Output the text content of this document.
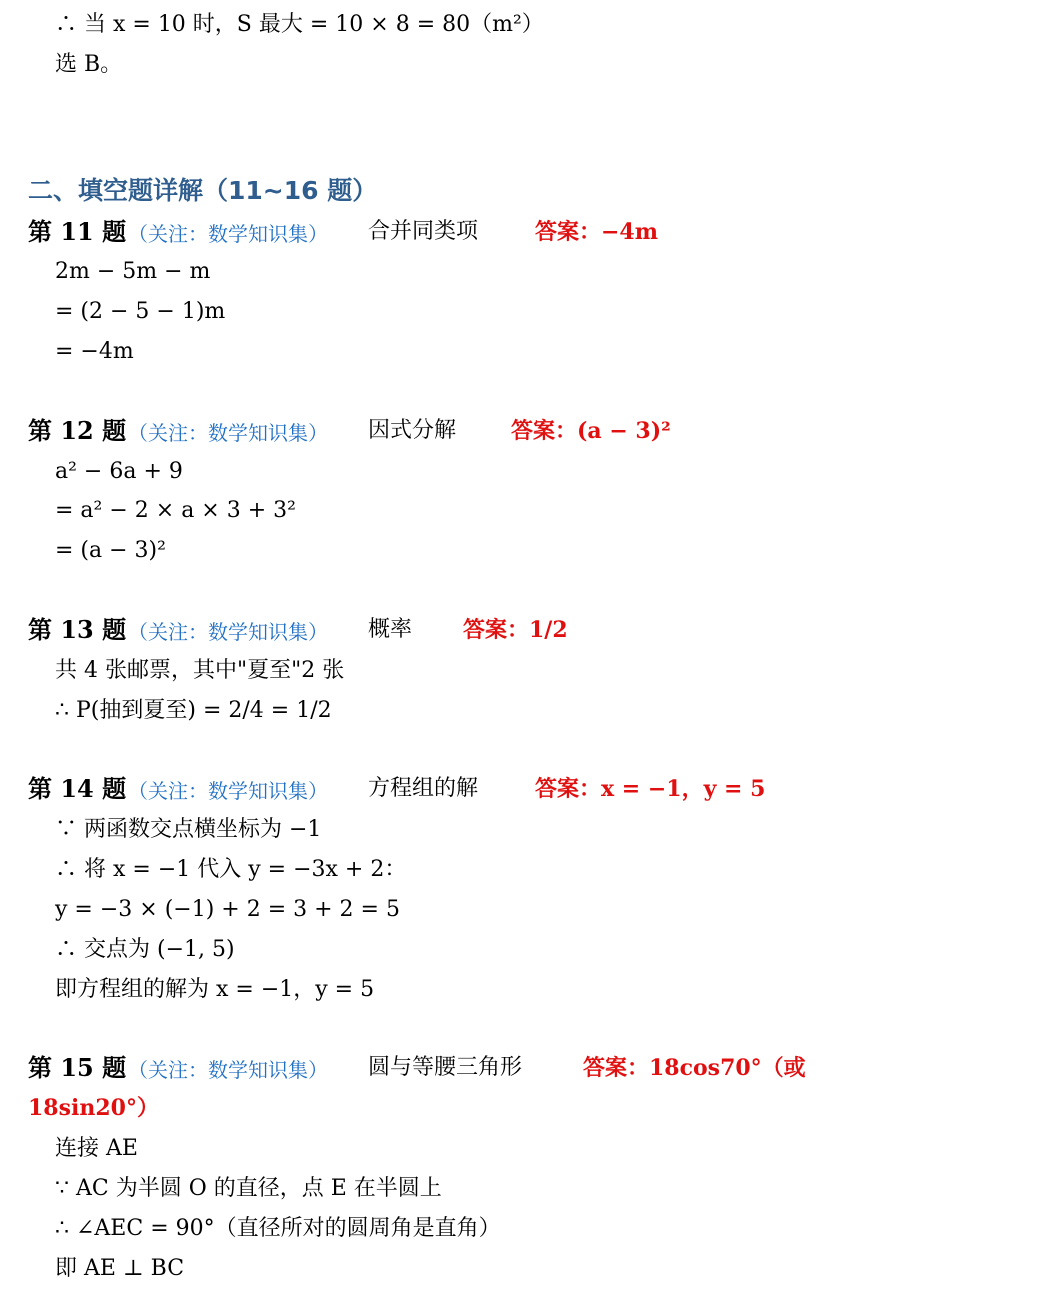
∴ 当 x = 10 时，S 最大 = 10 × 8 = 80（m²）
选 B。
二、填空题详解（11~16 题）
第 11 题 （关注：数学知识集） 合并同类项	答案：−4m
2m − 5m − m
= (2 − 5 − 1)m
= −4m
第 12 题 （关注：数学知识集） 因式分解 答案：(a − 3)²
a² − 6a + 9
= a² − 2 × a × 3 + 3²
= (a − 3)²
第 13 题 （关注：数学知识集） 概率 答案：1/2
共 4 张邮票，其中"夏至"2 张
∴ P(抽到夏至) = 2/4 = 1/2
第 14 题 （关注：数学知识集） 方程组的解	答案：x = −1，y = 5
∵ 两函数交点横坐标为 −1
∴ 将 x = −1 代入 y = −3x + 2：
y = −3 × (−1) + 2 = 3 + 2 = 5
∴ 交点为 (−1, 5)
即方程组的解为 x = −1，y = 5
第 15 题 （关注：数学知识集） 圆与等腰三角形	答案：18cos70°（或
18sin20°）
连接 AE
∵ AC 为半圆 O 的直径，点 E 在半圆上
∴ ∠AEC = 90°（直径所对的圆周角是直角）
即 AE ⊥ BC
